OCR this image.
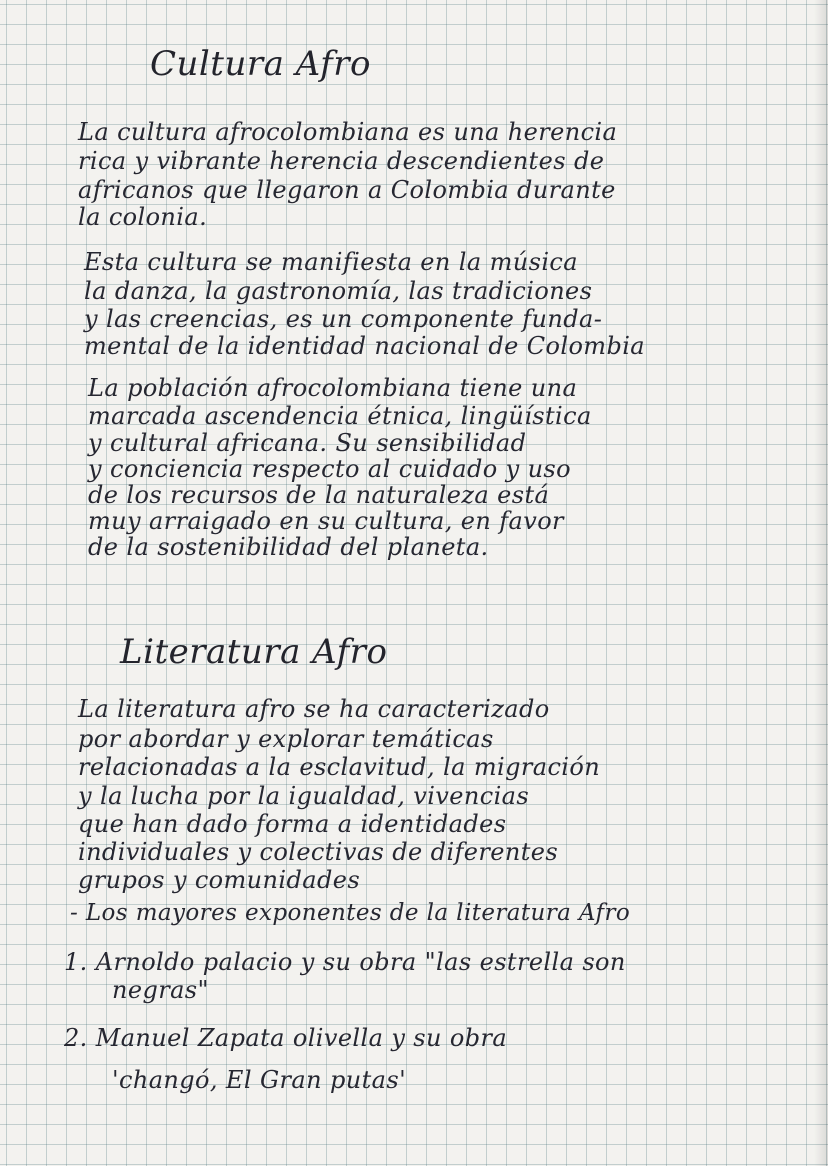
Cultura Afro
La cultura afrocolombiana es una herencia
rica y vibrante herencia descendientes de
africanos que llegaron a Colombia durante
la colonia.
Esta cultura se manifiesta en la música
la danza, la gastronomía, las tradiciones
y las creencias, es un componente funda-
mental de la identidad nacional de Colombia
La población afrocolombiana tiene una
marcada ascendencia étnica, lingüística
y cultural africana. Su sensibilidad
y conciencia respecto al cuidado y uso
de los recursos de la naturaleza está
muy arraigado en su cultura, en favor
de la sostenibilidad del planeta.
Literatura Afro
La literatura afro se ha caracterizado
por abordar y explorar temáticas
relacionadas a la esclavitud, la migración
y la lucha por la igualdad, vivencias
que han dado forma a identidades
individuales y colectivas de diferentes
grupos y comunidades
- Los mayores exponentes de la literatura Afro
1. Arnoldo palacio y su obra "las estrella son
negras"
2. Manuel Zapata olivella y su obra
'changó, El Gran putas'
